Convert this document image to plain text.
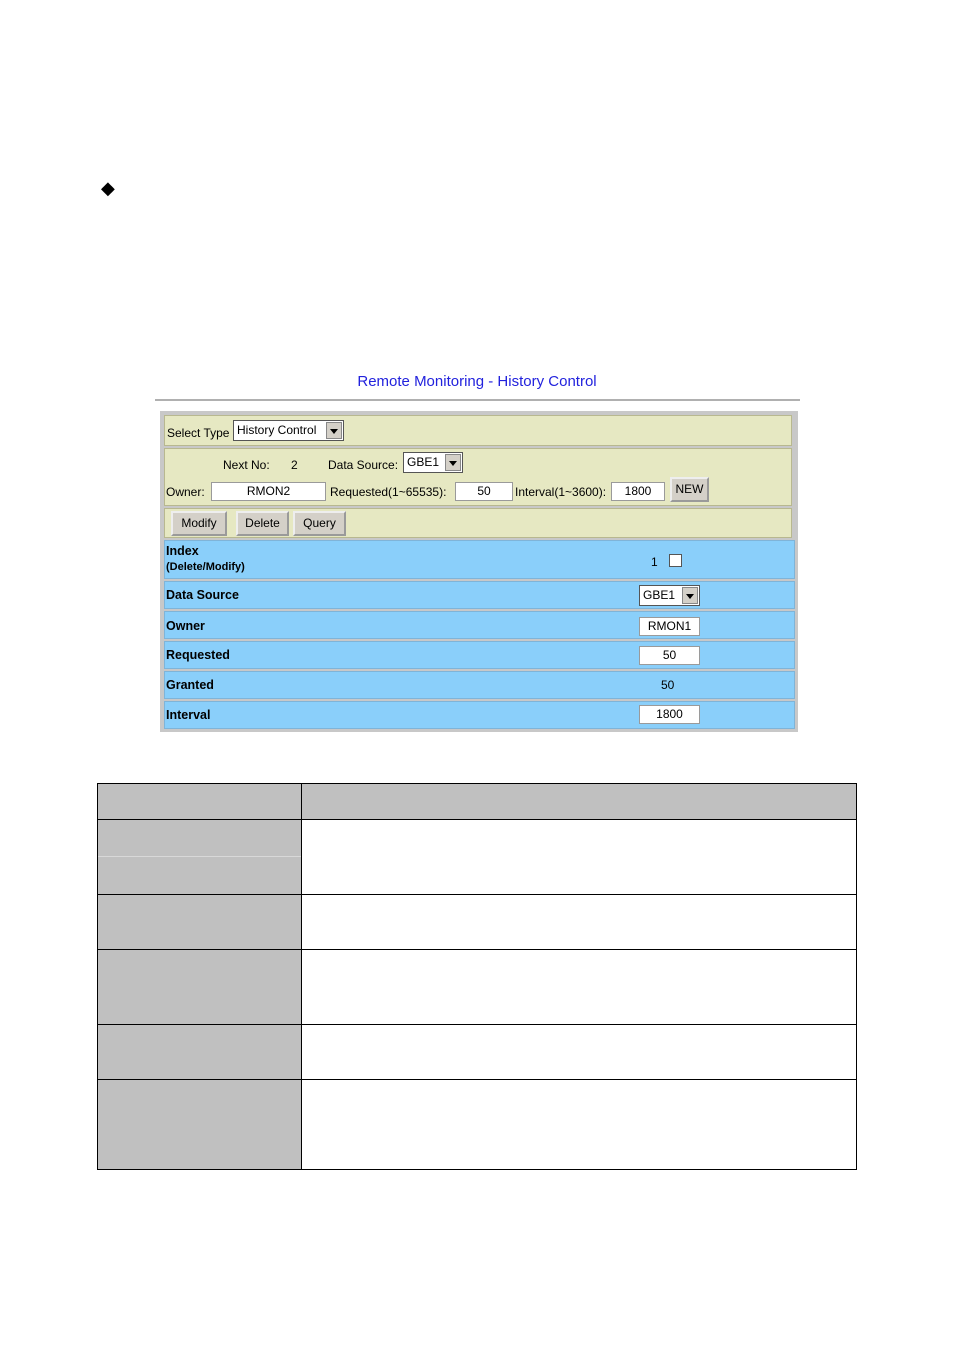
◆
Remote Monitoring - History Control
Select Type History Control
Next No: 2	Data Source: GBE1
Owner:	RMON2	Requested(1~65535):	50	Interval(1~3600):	1800	NEW
Modify	Delete	Query
Index
(Delete/Modify)	1
Data Source	GBE1
Owner	RMON1
Requested	50
Granted	50
Interval	1800
